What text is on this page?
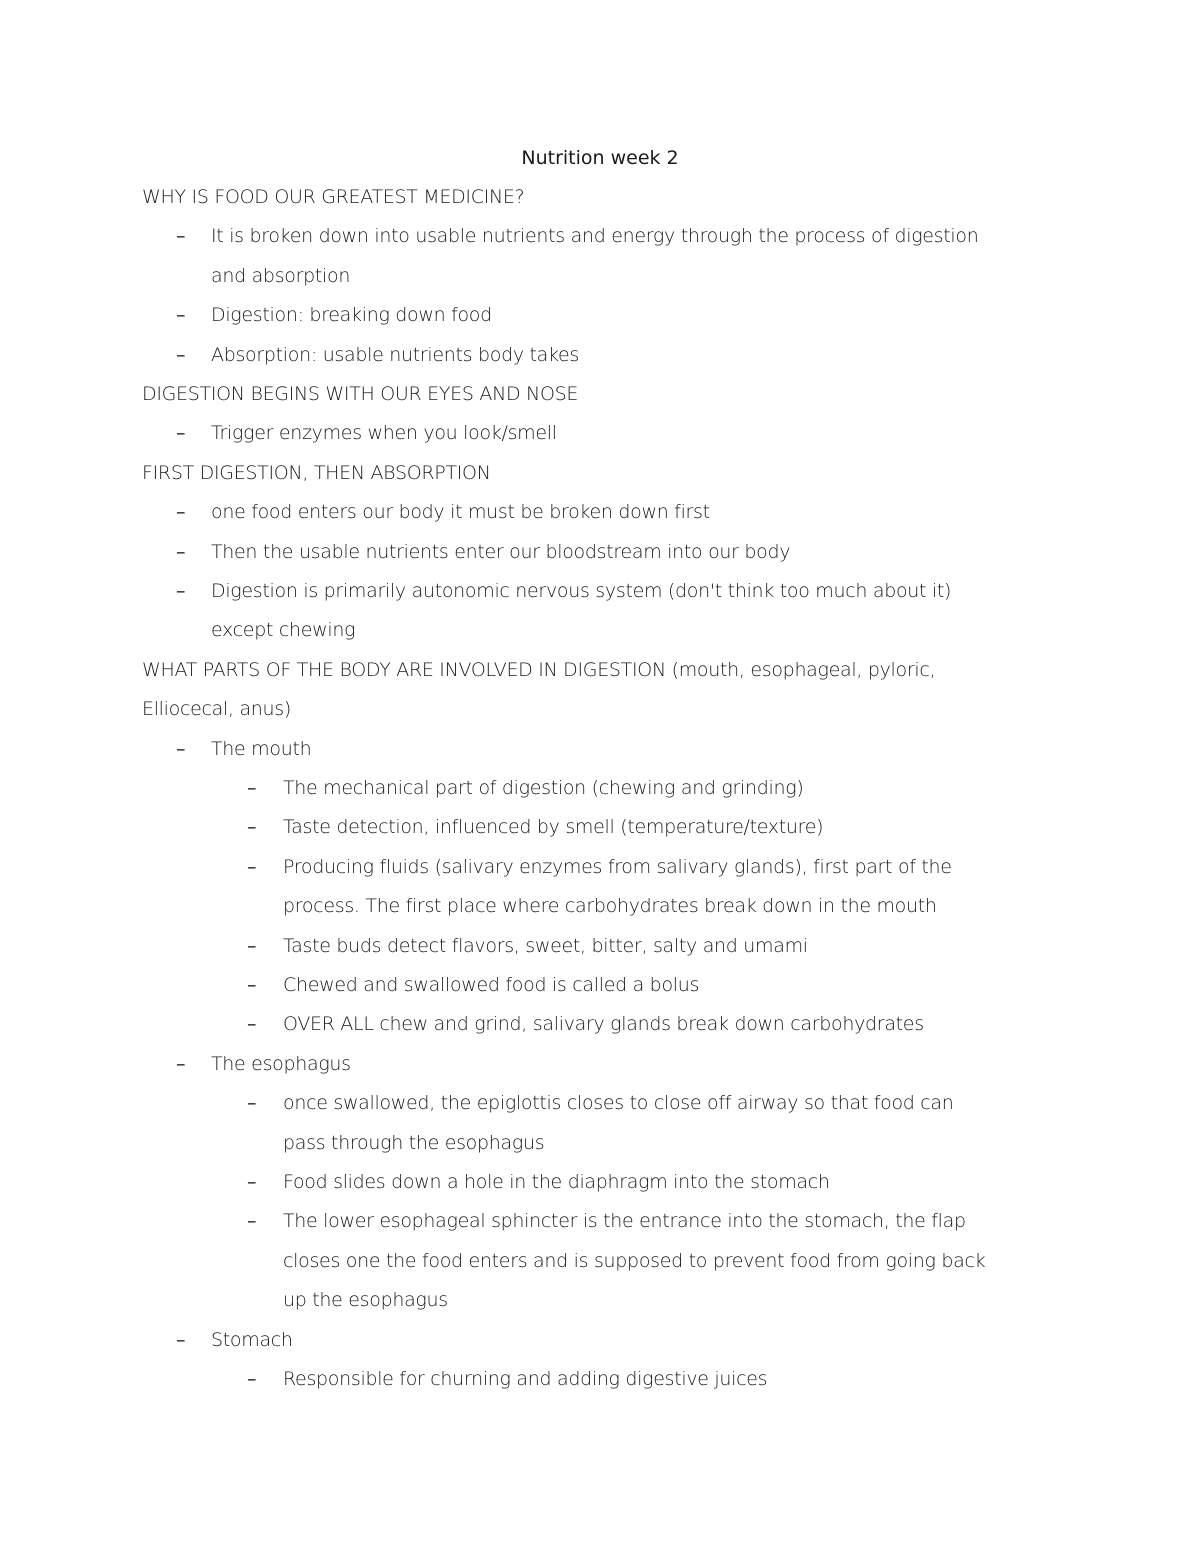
Nutrition week 2
WHY IS FOOD OUR GREATEST MEDICINE?
– It is broken down into usable nutrients and energy through the process of digestion
and absorption
– Digestion: breaking down food
– Absorption: usable nutrients body takes
DIGESTION BEGINS WITH OUR EYES AND NOSE
– Trigger enzymes when you look/smell
FIRST DIGESTION, THEN ABSORPTION
– one food enters our body it must be broken down first
– Then the usable nutrients enter our bloodstream into our body
– Digestion is primarily autonomic nervous system (don't think too much about it)
except chewing
WHAT PARTS OF THE BODY ARE INVOLVED IN DIGESTION (mouth, esophageal, pyloric,
Elliocecal, anus)
– The mouth
– The mechanical part of digestion (chewing and grinding)
– Taste detection, influenced by smell (temperature/texture)
– Producing fluids (salivary enzymes from salivary glands), first part of the
process. The first place where carbohydrates break down in the mouth
– Taste buds detect flavors, sweet, bitter, salty and umami
– Chewed and swallowed food is called a bolus
– OVER ALL chew and grind, salivary glands break down carbohydrates
– The esophagus
– once swallowed, the epiglottis closes to close off airway so that food can
pass through the esophagus
– Food slides down a hole in the diaphragm into the stomach
– The lower esophageal sphincter is the entrance into the stomach, the flap
closes one the food enters and is supposed to prevent food from going back
up the esophagus
– Stomach
– Responsible for churning and adding digestive juices
